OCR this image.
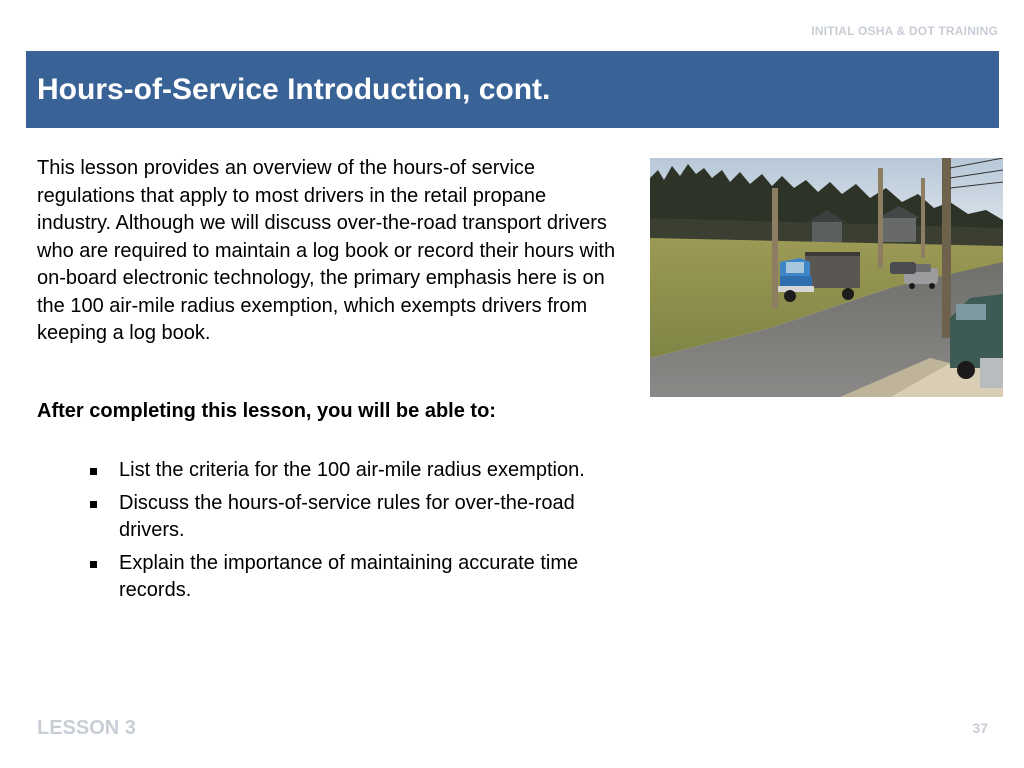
INITIAL OSHA & DOT TRAINING
Hours-of-Service Introduction, cont.

This lesson provides an overview of the hours-of service regulations that apply to most drivers in the retail propane industry. Although we will discuss over-the-road transport drivers who are required to maintain a log book or record their hours with on-board electronic technology, the primary emphasis here is on the 100 air-mile radius exemption, which exempts drivers from keeping a log book.

After completing this lesson, you will be able to:

List the criteria for the 100 air-mile radius exemption.
Discuss the hours-of-service rules for over-the-road drivers.
Explain the importance of maintaining accurate time records.
LESSON 3	37
